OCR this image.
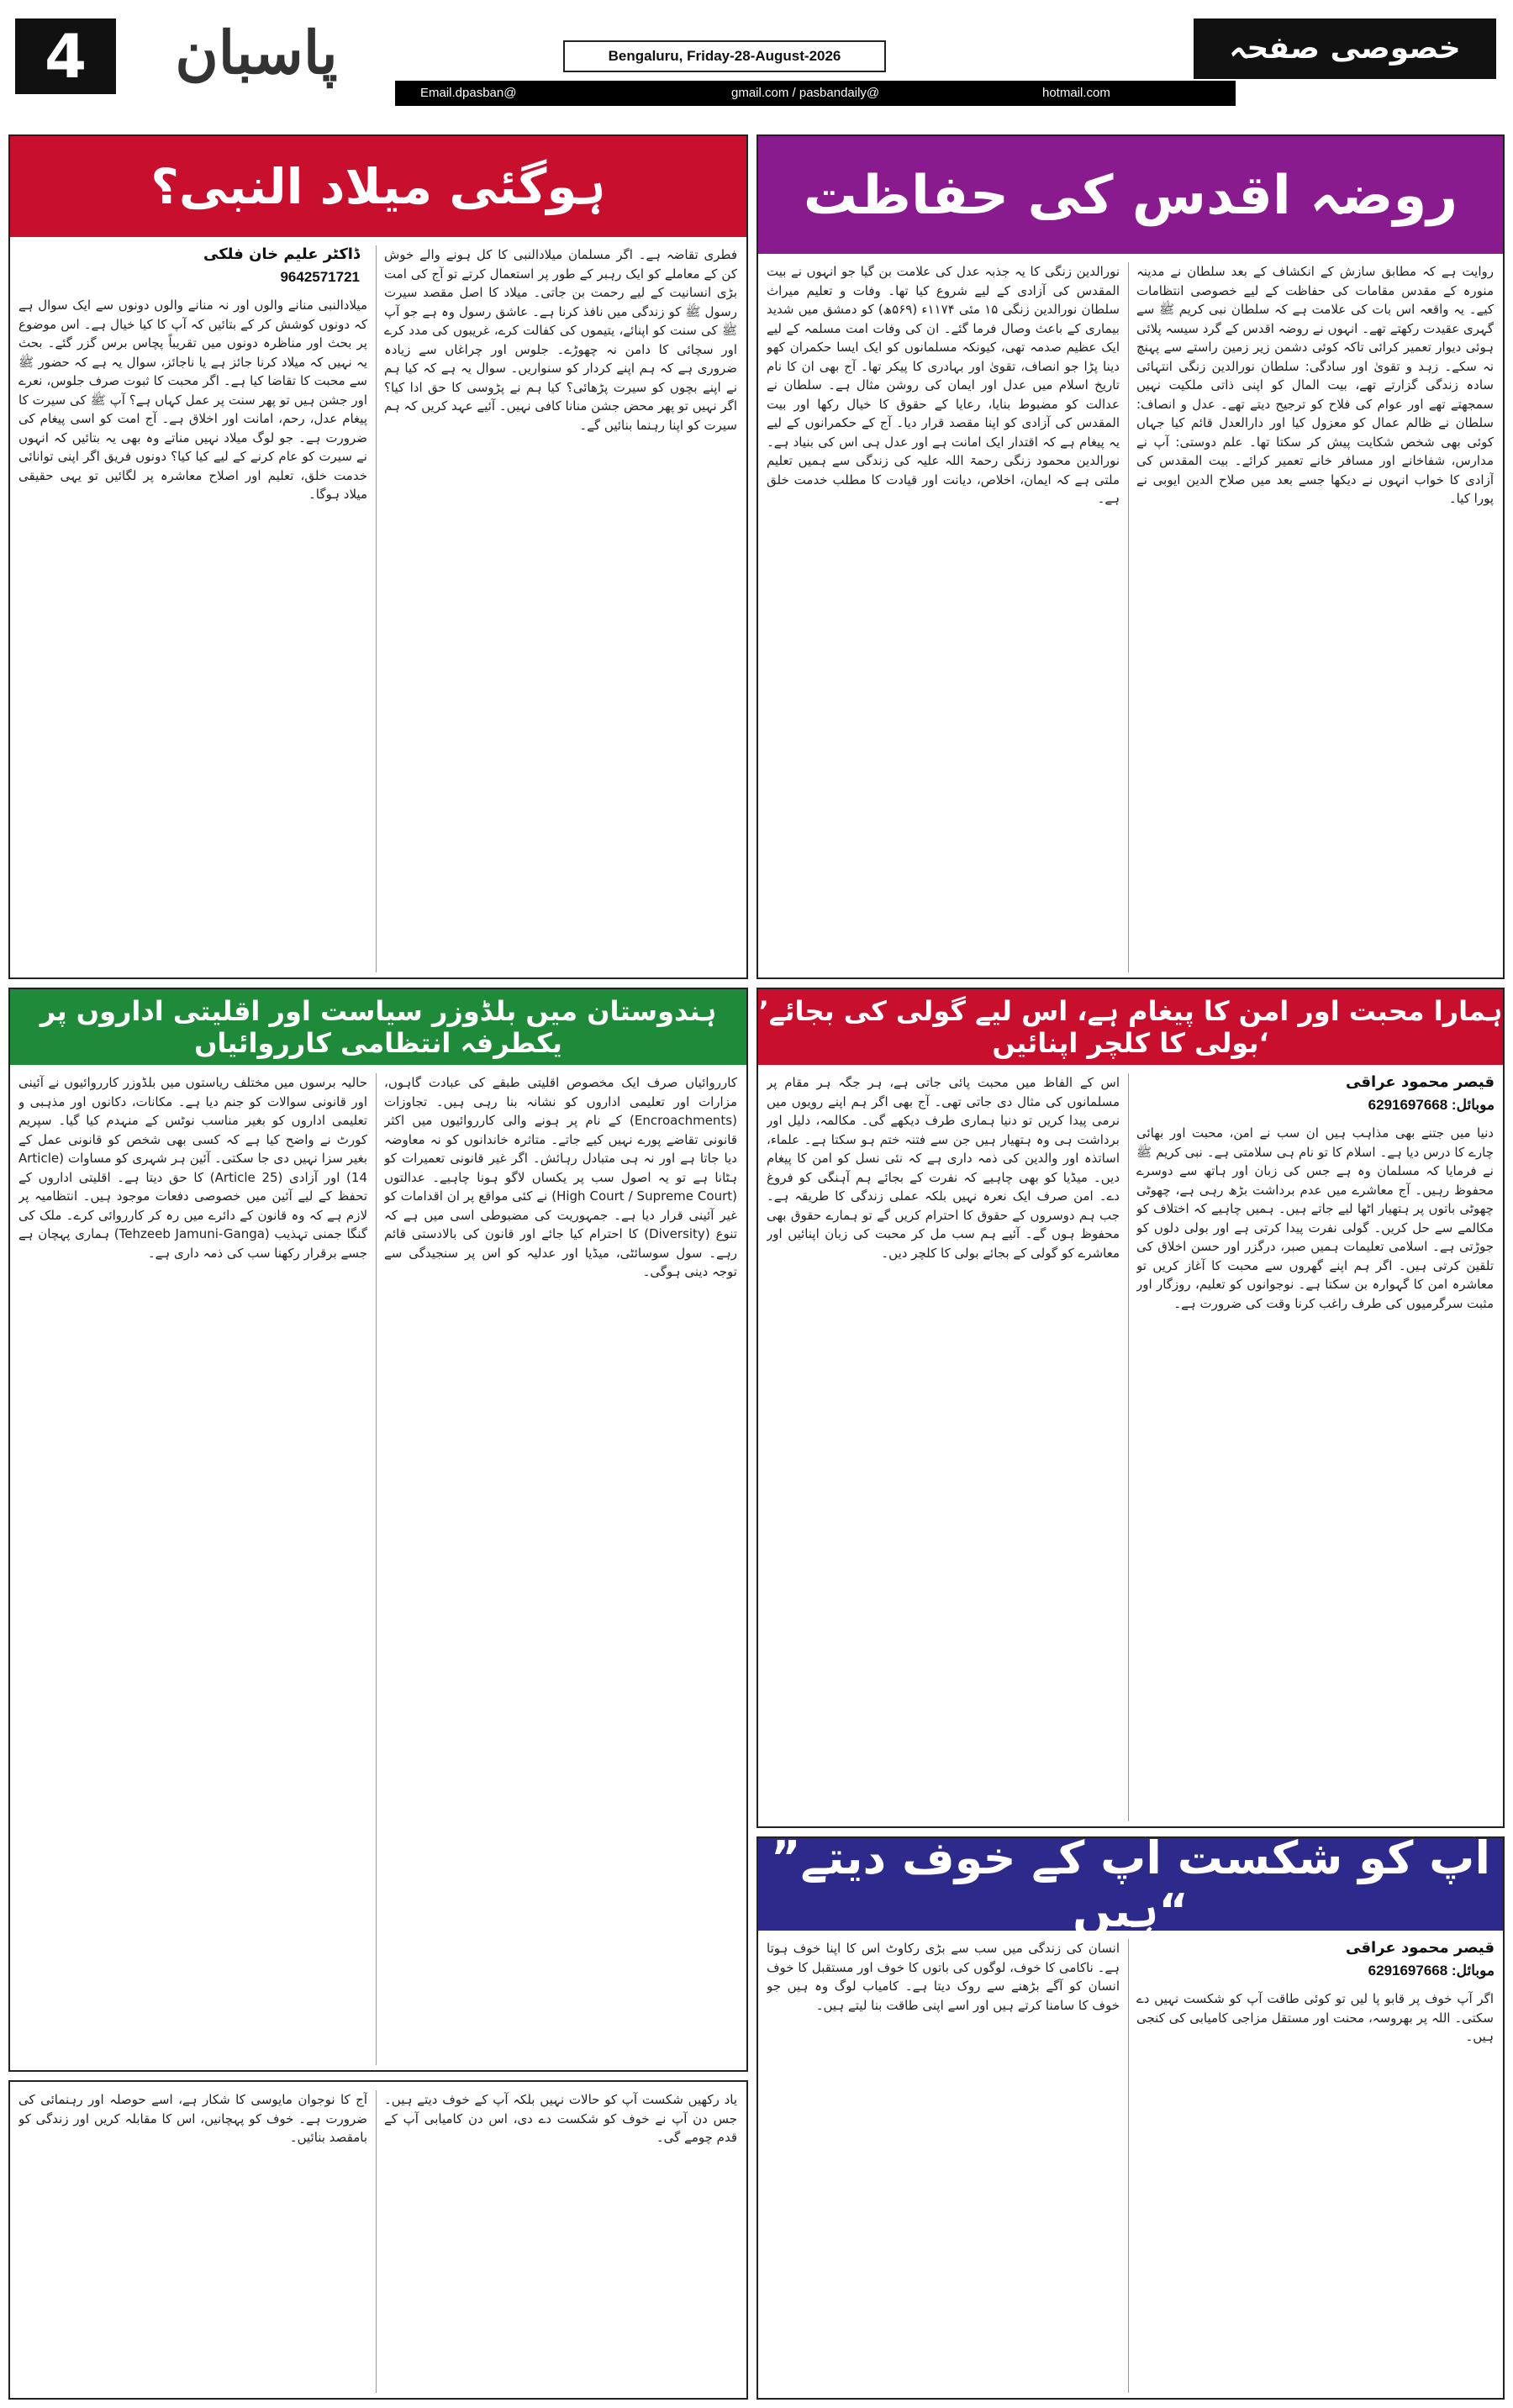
4	پاسبان	Bengaluru, Friday-28-August-2026
Email.dpasban@	gmail.com / pasbandaily@	hotmail.com
خصوصی صفحہ
ہوگئی میلاد النبی؟
ڈاکٹر علیم خان فلکی
9642571721
میلادالنبی منانے والوں اور نہ منانے والوں دونوں سے ایک سوال ہے کہ دونوں کوشش کر کے بتائیں کہ آپ کا کیا خیال ہے۔ اس موضوع پر بحث اور مناظرہ دونوں میں تقریباً پچاس برس گزر گئے۔ بحث یہ نہیں کہ میلاد کرنا جائز ہے یا ناجائز، سوال یہ ہے کہ حضور ﷺ سے محبت کا تقاضا کیا ہے۔ اگر محبت کا ثبوت صرف جلوس، نعرے اور جشن ہیں تو پھر سنت پر عمل کہاں ہے؟ آپ ﷺ کی سیرت کا پیغام عدل، رحم، امانت اور اخلاق ہے۔ آج امت کو اسی پیغام کی ضرورت ہے۔ جو لوگ میلاد نہیں مناتے وہ بھی یہ بتائیں کہ انہوں نے سیرت کو عام کرنے کے لیے کیا کیا؟ دونوں فریق اگر اپنی توانائی خدمت خلق، تعلیم اور اصلاح معاشرہ پر لگائیں تو یہی حقیقی میلاد ہوگا۔
فطری تقاضہ ہے۔ اگر مسلمان میلادالنبی کا کل ہونے والے خوش کن کے معاملے کو ایک رہبر کے طور پر استعمال کرتے تو آج کی امت بڑی انسانیت کے لیے رحمت بن جاتی۔ میلاد کا اصل مقصد سیرت رسول ﷺ کو زندگی میں نافذ کرنا ہے۔ عاشق رسول وہ ہے جو آپ ﷺ کی سنت کو اپنائے، یتیموں کی کفالت کرے، غریبوں کی مدد کرے اور سچائی کا دامن نہ چھوڑے۔ جلوس اور چراغاں سے زیادہ ضروری ہے کہ ہم اپنے کردار کو سنواریں۔ سوال یہ ہے کہ کیا ہم نے اپنے بچوں کو سیرت پڑھائی؟ کیا ہم نے پڑوسی کا حق ادا کیا؟ اگر نہیں تو پھر محض جشن منانا کافی نہیں۔ آئیے عہد کریں کہ ہم سیرت کو اپنا رہنما بنائیں گے۔
روضہ اقدس کی حفاظت
نورالدین زنگی کا یہ جذبہ عدل کی علامت بن گیا جو انہوں نے بیت المقدس کی آزادی کے لیے شروع کیا تھا۔ وفات و تعلیم میراث سلطان نورالدین زنگی ۱۵ مئی ۱۱۷۴ء (۵۶۹ھ) کو دمشق میں شدید بیماری کے باعث وصال فرما گئے۔ ان کی وفات امت مسلمہ کے لیے ایک عظیم صدمہ تھی، کیونکہ مسلمانوں کو ایک ایسا حکمران کھو دینا پڑا جو انصاف، تقویٰ اور بہادری کا پیکر تھا۔ آج بھی ان کا نام تاریخ اسلام میں عدل اور ایمان کی روشن مثال ہے۔ سلطان نے عدالت کو مضبوط بنایا، رعایا کے حقوق کا خیال رکھا اور بیت المقدس کی آزادی کو اپنا مقصد قرار دیا۔ آج کے حکمرانوں کے لیے یہ پیغام ہے کہ اقتدار ایک امانت ہے اور عدل ہی اس کی بنیاد ہے۔ نورالدین محمود زنگی رحمۃ اللہ علیہ کی زندگی سے ہمیں تعلیم ملتی ہے کہ ایمان، اخلاص، دیانت اور قیادت کا مطلب خدمت خلق ہے۔
روایت ہے کہ مطابق سازش کے انکشاف کے بعد سلطان نے مدینہ منورہ کے مقدس مقامات کی حفاظت کے لیے خصوصی انتظامات کیے۔ یہ واقعہ اس بات کی علامت ہے کہ سلطان نبی کریم ﷺ سے گہری عقیدت رکھتے تھے۔ انہوں نے روضہ اقدس کے گرد سیسہ پلائی ہوئی دیوار تعمیر کرائی تاکہ کوئی دشمن زیر زمین راستے سے پہنچ نہ سکے۔ زہد و تقویٰ اور سادگی: سلطان نورالدین زنگی انتہائی سادہ زندگی گزارتے تھے، بیت المال کو اپنی ذاتی ملکیت نہیں سمجھتے تھے اور عوام کی فلاح کو ترجیح دیتے تھے۔ عدل و انصاف: سلطان نے ظالم عمال کو معزول کیا اور دارالعدل قائم کیا جہاں کوئی بھی شخص شکایت پیش کر سکتا تھا۔ علم دوستی: آپ نے مدارس، شفاخانے اور مسافر خانے تعمیر کرائے۔ بیت المقدس کی آزادی کا خواب انہوں نے دیکھا جسے بعد میں صلاح الدین ایوبی نے پورا کیا۔
ہندوستان میں بلڈوزر سیاست اور اقلیتی اداروں پر یکطرفہ انتظامی کارروائیاں
حالیہ برسوں میں مختلف ریاستوں میں بلڈوزر کارروائیوں نے آئینی اور قانونی سوالات کو جنم دیا ہے۔ مکانات، دکانوں اور مذہبی و تعلیمی اداروں کو بغیر مناسب نوٹس کے منہدم کیا گیا۔ سپریم کورٹ نے واضح کیا ہے کہ کسی بھی شخص کو قانونی عمل کے بغیر سزا نہیں دی جا سکتی۔ آئین ہر شہری کو مساوات (Article 14) اور آزادی (Article 25) کا حق دیتا ہے۔ اقلیتی اداروں کے تحفظ کے لیے آئین میں خصوصی دفعات موجود ہیں۔ انتظامیہ پر لازم ہے کہ وہ قانون کے دائرے میں رہ کر کارروائی کرے۔ ملک کی گنگا جمنی تہذیب (Tehzeeb Jamuni-Ganga) ہماری پہچان ہے جسے برقرار رکھنا سب کی ذمہ داری ہے۔
کارروائیاں صرف ایک مخصوص اقلیتی طبقے کی عبادت گاہوں، مزارات اور تعلیمی اداروں کو نشانہ بنا رہی ہیں۔ تجاوزات (Encroachments) کے نام پر ہونے والی کارروائیوں میں اکثر قانونی تقاضے پورے نہیں کیے جاتے۔ متاثرہ خاندانوں کو نہ معاوضہ دیا جاتا ہے اور نہ ہی متبادل رہائش۔ اگر غیر قانونی تعمیرات کو ہٹانا ہے تو یہ اصول سب پر یکساں لاگو ہونا چاہیے۔ عدالتوں (High Court / Supreme Court) نے کئی مواقع پر ان اقدامات کو غیر آئینی قرار دیا ہے۔ جمہوریت کی مضبوطی اسی میں ہے کہ تنوع (Diversity) کا احترام کیا جائے اور قانون کی بالادستی قائم رہے۔ سول سوسائٹی، میڈیا اور عدلیہ کو اس پر سنجیدگی سے توجہ دینی ہوگی۔
’ہمارا محبت اور امن کا پیغام ہے، اس لیے گولی کی بجائے بولی کا کلچر اپنائیں‘
قیصر محمود عراقی
موبائل: 6291697668
اس کے الفاظ میں محبت پائی جاتی ہے، ہر جگہ ہر مقام پر مسلمانوں کی مثال دی جاتی تھی۔ آج بھی اگر ہم اپنے رویوں میں نرمی پیدا کریں تو دنیا ہماری طرف دیکھے گی۔ مکالمہ، دلیل اور برداشت ہی وہ ہتھیار ہیں جن سے فتنہ ختم ہو سکتا ہے۔ علماء، اساتذہ اور والدین کی ذمہ داری ہے کہ نئی نسل کو امن کا پیغام دیں۔ میڈیا کو بھی چاہیے کہ نفرت کے بجائے ہم آہنگی کو فروغ دے۔ امن صرف ایک نعرہ نہیں بلکہ عملی زندگی کا طریقہ ہے۔ جب ہم دوسروں کے حقوق کا احترام کریں گے تو ہمارے حقوق بھی محفوظ ہوں گے۔ آئیے ہم سب مل کر محبت کی زبان اپنائیں اور معاشرے کو گولی کے بجائے بولی کا کلچر دیں۔
دنیا میں جتنے بھی مذاہب ہیں ان سب نے امن، محبت اور بھائی چارے کا درس دیا ہے۔ اسلام کا تو نام ہی سلامتی ہے۔ نبی کریم ﷺ نے فرمایا کہ مسلمان وہ ہے جس کی زبان اور ہاتھ سے دوسرے محفوظ رہیں۔ آج معاشرے میں عدم برداشت بڑھ رہی ہے، چھوٹی چھوٹی باتوں پر ہتھیار اٹھا لیے جاتے ہیں۔ ہمیں چاہیے کہ اختلاف کو مکالمے سے حل کریں۔ گولی نفرت پیدا کرتی ہے اور بولی دلوں کو جوڑتی ہے۔ اسلامی تعلیمات ہمیں صبر، درگزر اور حسن اخلاق کی تلقین کرتی ہیں۔ اگر ہم اپنے گھروں سے محبت کا آغاز کریں تو معاشرہ امن کا گہوارہ بن سکتا ہے۔ نوجوانوں کو تعلیم، روزگار اور مثبت سرگرمیوں کی طرف راغب کرنا وقت کی ضرورت ہے۔
”آپ کو شکست آپ کے خوف دیتے ہیں“
قیصر محمود عراقی
موبائل: 6291697668
انسان کی زندگی میں سب سے بڑی رکاوٹ اس کا اپنا خوف ہوتا ہے۔ ناکامی کا خوف، لوگوں کی باتوں کا خوف اور مستقبل کا خوف انسان کو آگے بڑھنے سے روک دیتا ہے۔ کامیاب لوگ وہ ہیں جو خوف کا سامنا کرتے ہیں اور اسے اپنی طاقت بنا لیتے ہیں۔ اگر آپ خوف پر قابو پا لیں تو کوئی طاقت آپ کو شکست نہیں دے سکتی۔ اللہ پر بھروسہ، محنت اور مستقل مزاجی کامیابی کی کنجی ہیں۔
آج کا نوجوان مایوسی کا شکار ہے، اسے حوصلہ اور رہنمائی کی ضرورت ہے۔ خوف کو پہچانیں، اس کا مقابلہ کریں اور زندگی کو بامقصد بنائیں۔
یاد رکھیں شکست آپ کو حالات نہیں بلکہ آپ کے خوف دیتے ہیں۔ جس دن آپ نے خوف کو شکست دے دی، اس دن کامیابی آپ کے قدم چومے گی۔
